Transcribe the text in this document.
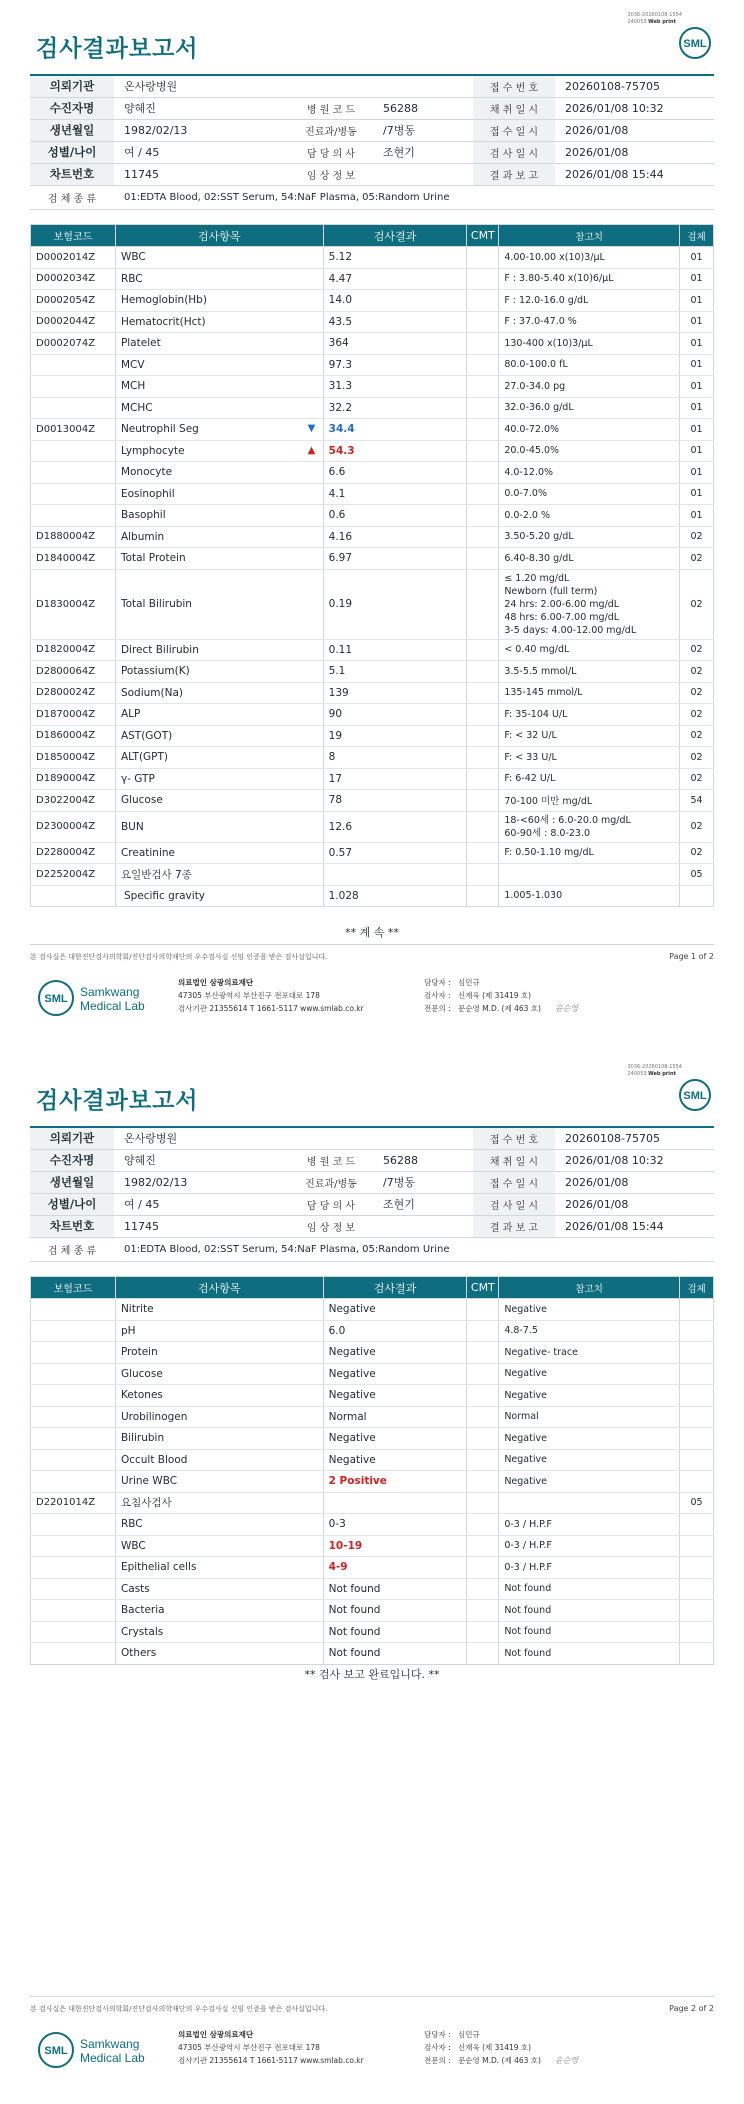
3036-20260108-1554
240053 Web print
검사결과보고서	SML
의뢰기관	온사랑병원			접 수 번 호	20260108-75705
수진자명	양혜진	병 원 코 드	56288	채 취 일 시	2026/01/08 10:32
생년월일	1982/02/13	진료과/병동	/7병동	접 수 일 시	2026/01/08
성별/나이	여 / 45	담 당 의 사	조현기	검 사 일 시	2026/01/08
차트번호	11745	임 상 정 보		결 과 보 고	2026/01/08 15:44
검 체 종 류	01:EDTA Blood, 02:SST Serum, 54:NaF Plasma, 05:Random Urine				
보험코드	검사항목	검사결과	CMT	참고치	검체
D0002014Z	WBC	5.12		4.00-10.00 x(10)3/μL	01
D0002034Z	RBC	4.47		F : 3.80-5.40 x(10)6/μL	01
D0002054Z	Hemoglobin(Hb)	14.0		F : 12.0-16.0 g/dL	01
D0002044Z	Hematocrit(Hct)	43.5		F : 37.0-47.0 %	01
D0002074Z	Platelet	364		130-400 x(10)3/μL	01
	MCV	97.3		80.0-100.0 fL	01
	MCH	31.3		27.0-34.0 pg	01
	MCHC	32.2		32.0-36.0 g/dL	01
D0013004Z	Neutrophil Seg	▼ 34.4		40.0-72.0%	01
	Lymphocyte	▲ 54.3		20.0-45.0%	01
	Monocyte	6.6		4.0-12.0%	01
	Eosinophil	4.1		0.0-7.0%	01
	Basophil	0.6		0.0-2.0 %	01
D1880004Z	Albumin	4.16		3.50-5.20 g/dL	02
D1840004Z	Total Protein	6.97		6.40-8.30 g/dL	02
D1830004Z	Total Bilirubin	0.19		≤ 1.20 mg/dL
Newborn (full term)
24 hrs: 2.00-6.00 mg/dL
48 hrs: 6.00-7.00 mg/dL
3-5 days: 4.00-12.00 mg/dL	02
D1820004Z	Direct Bilirubin	0.11		< 0.40 mg/dL	02
D2800064Z	Potassium(K)	5.1		3.5-5.5 mmol/L	02
D2800024Z	Sodium(Na)	139		135-145 mmol/L	02
D1870004Z	ALP	90		F: 35-104 U/L	02
D1860004Z	AST(GOT)	19		F: < 32 U/L	02
D1850004Z	ALT(GPT)	8		F: < 33 U/L	02
D1890004Z	γ- GTP	17		F: 6-42 U/L	02
D3022004Z	Glucose	78		70-100 미만 mg/dL	54
D2300004Z	BUN	12.6		18-<60세 : 6.0-20.0 mg/dL
60-90세 : 8.0-23.0	02
D2280004Z	Creatinine	0.57		F: 0.50-1.10 mg/dL	02
D2252004Z	요일반검사 7종				05
	Specific gravity	1.028		1.005-1.030	
** 계 속 **
본 검사실은 대한진단검사의학회/진단검사의학재단의 우수검사실 신임 인증을 받은 검사실입니다.	Page 1 of 2
SML Samkwang
Medical Lab
의료법인 삼광의료재단
47305 부산광역시 부산진구 전포대로 178
검사기관 21355614 T 1661-5117 www.smlab.co.kr
담당자 : 심민규
검사자 : 신재욱 (제 31419 호)
전문의 : 문순영 M.D. (제 463 호) 윤순영
3036-20260108-1554
240053 Web print
검사결과보고서	SML
의뢰기관	온사랑병원			접 수 번 호	20260108-75705
수진자명	양혜진	병 원 코 드	56288	채 취 일 시	2026/01/08 10:32
생년월일	1982/02/13	진료과/병동	/7병동	접 수 일 시	2026/01/08
성별/나이	여 / 45	담 당 의 사	조현기	검 사 일 시	2026/01/08
차트번호	11745	임 상 정 보		결 과 보 고	2026/01/08 15:44
검 체 종 류	01:EDTA Blood, 02:SST Serum, 54:NaF Plasma, 05:Random Urine				
보험코드	검사항목	검사결과	CMT	참고치	검체
	Nitrite	Negative		Negative	
	pH	6.0		4.8-7.5	
	Protein	Negative		Negative- trace	
	Glucose	Negative		Negative	
	Ketones	Negative		Negative	
	Urobilinogen	Normal		Normal	
	Bilirubin	Negative		Negative	
	Occult Blood	Negative		Negative	
	Urine WBC	2 Positive		Negative	
D2201014Z	요침사검사				05
	RBC	0-3		0-3 / H.P.F	
	WBC	10-19		0-3 / H.P.F	
	Epithelial cells	4-9		0-3 / H.P.F	
	Casts	Not found		Not found	
	Bacteria	Not found		Not found	
	Crystals	Not found		Not found	
	Others	Not found		Not found	
** 검사 보고 완료입니다. **
본 검사실은 대한진단검사의학회/진단검사의학재단의 우수검사실 신임 인증을 받은 검사실입니다.	Page 2 of 2
SML Samkwang
Medical Lab
의료법인 삼광의료재단
47305 부산광역시 부산진구 전포대로 178
검사기관 21355614 T 1661-5117 www.smlab.co.kr
담당자 : 심민규
검사자 : 신재욱 (제 31419 호)
전문의 : 문순영 M.D. (제 463 호) 윤순영
